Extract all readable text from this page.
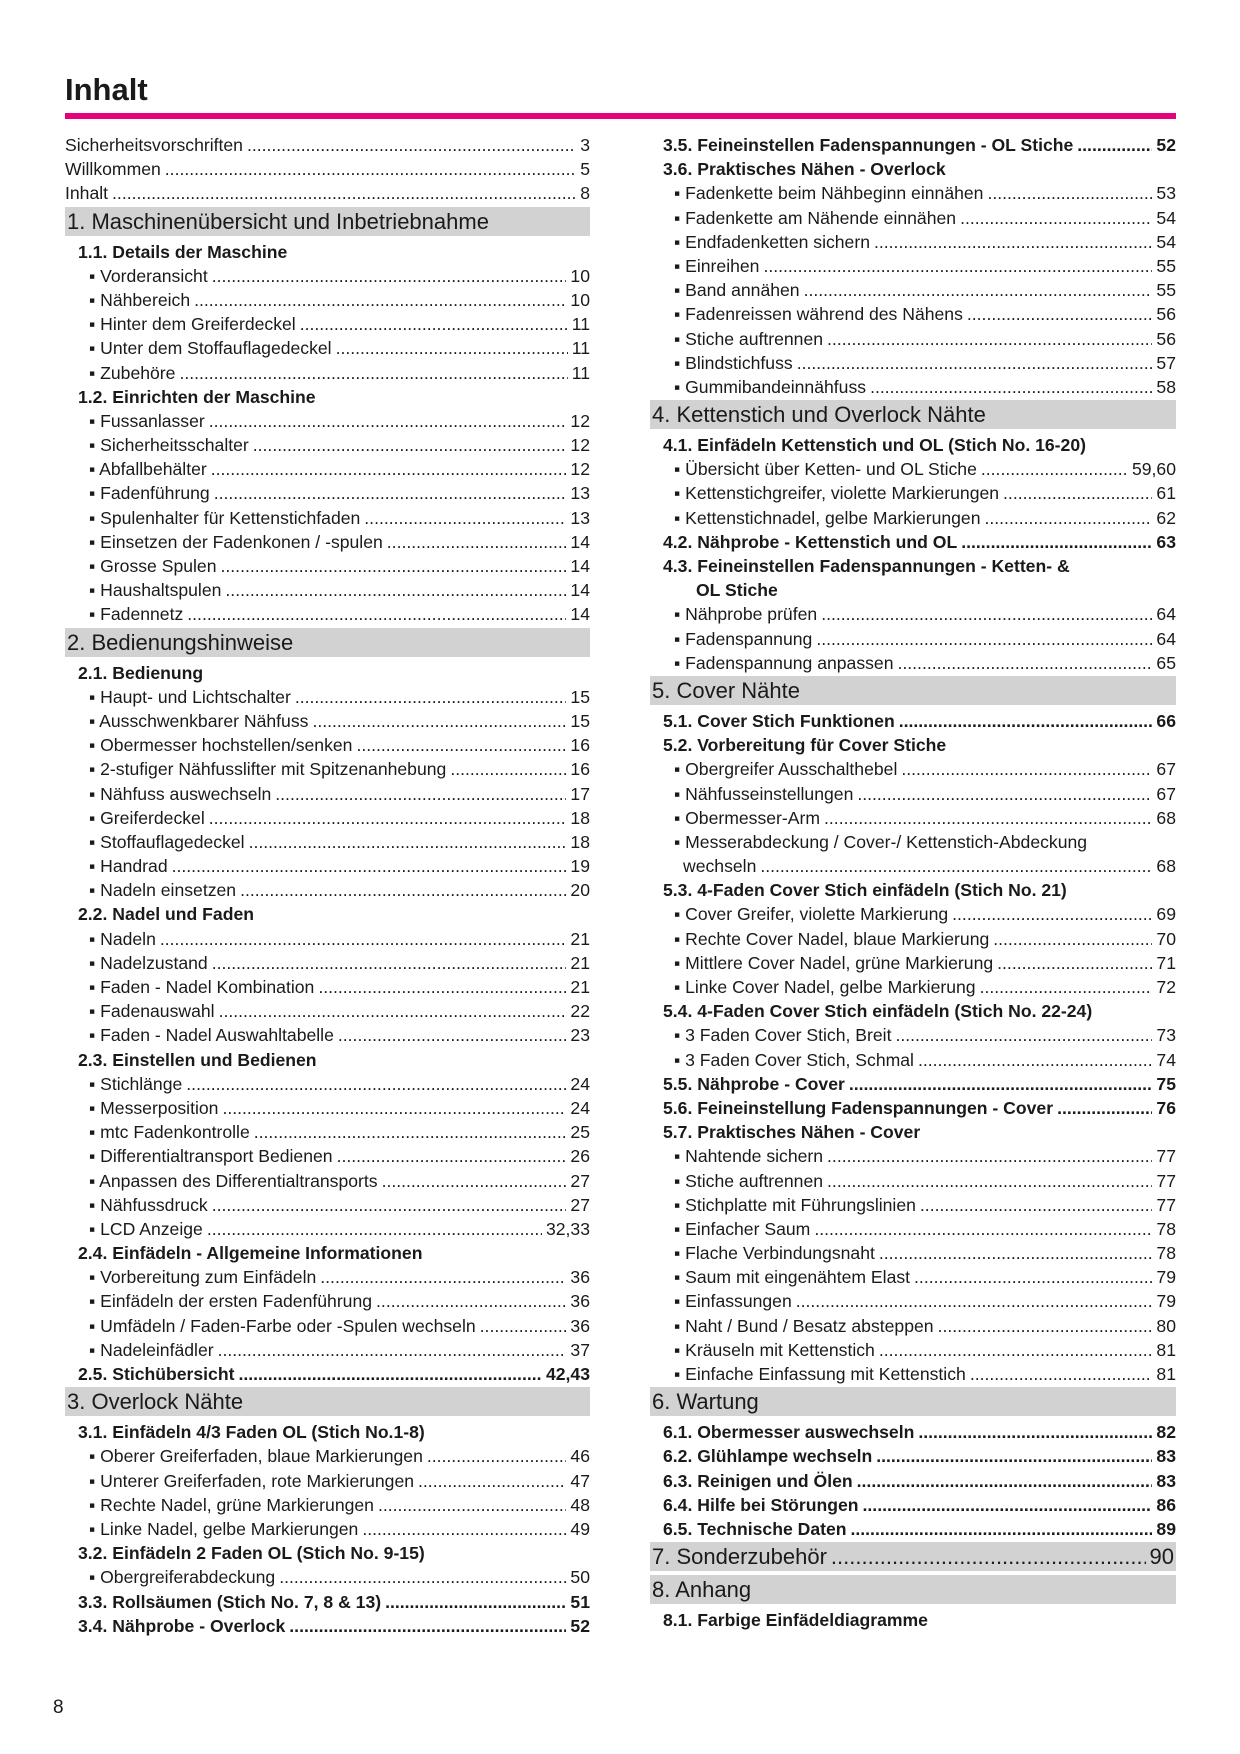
Inhalt
Sicherheitsvorschriften .....	3
Willkommen .....	5
Inhalt .....	8
1. Maschinenübersicht und Inbetriebnahme
1.1. Details der Maschine
▪ Vorderansicht .....	10
▪ Nähbereich .....	10
▪ Hinter dem Greiferdeckel .....	11
▪ Unter dem Stoffauflagedeckel .....	11
▪ Zubehöre .....	11
1.2. Einrichten der Maschine
▪ Fussanlasser .....	12
▪ Sicherheitsschalter .....	12
▪ Abfallbehälter .....	12
▪ Fadenführung .....	13
▪ Spulenhalter für Kettenstichfaden .....	13
▪ Einsetzen der Fadenkonen / -spulen .....	14
▪ Grosse Spulen .....	14
▪ Haushaltspulen .....	14
▪ Fadennetz .....	14
2. Bedienungshinweise
2.1. Bedienung
▪ Haupt- und Lichtschalter .....	15
▪ Ausschwenkbarer Nähfuss .....	15
▪ Obermesser hochstellen/senken .....	16
▪ 2-stufiger Nähfusslifter mit Spitzenanhebung .....	16
▪ Nähfuss auswechseln .....	17
▪ Greiferdeckel .....	18
▪ Stoffauflagedeckel .....	18
▪ Handrad .....	19
▪ Nadeln einsetzen .....	20
2.2. Nadel und Faden
▪ Nadeln .....	21
▪ Nadelzustand .....	21
▪ Faden - Nadel Kombination .....	21
▪ Fadenauswahl .....	22
▪ Faden - Nadel Auswahltabelle .....	23
2.3. Einstellen und Bedienen
▪ Stichlänge .....	24
▪ Messerposition .....	24
▪ mtc Fadenkontrolle .....	25
▪ Differentialtransport Bedienen .....	26
▪ Anpassen des Differentialtransports .....	27
▪ Nähfussdruck .....	27
▪ LCD Anzeige .....	32,33
2.4. Einfädeln - Allgemeine Informationen
▪ Vorbereitung zum Einfädeln .....	36
▪ Einfädeln der ersten Fadenführung .....	36
▪ Umfädeln / Faden-Farbe oder -Spulen wechseln .....	36
▪ Nadeleinfädler .....	37
2.5. Stichübersicht .....	42,43
3. Overlock Nähte
3.1. Einfädeln 4/3 Faden OL (Stich No.1-8)
▪ Oberer Greiferfaden, blaue Markierungen .....	46
▪ Unterer Greiferfaden, rote Markierungen .....	47
▪ Rechte Nadel, grüne Markierungen .....	48
▪ Linke Nadel, gelbe Markierungen .....	49
3.2. Einfädeln 2 Faden OL (Stich No. 9-15)
▪ Obergreiferabdeckung .....	50
3.3. Rollsäumen (Stich No. 7, 8 & 13) .....	51
3.4. Nähprobe - Overlock .....	52
3.5. Feineinstellen Fadenspannungen - OL Stiche .....	52
3.6. Praktisches Nähen - Overlock
▪ Fadenkette beim Nähbeginn einnähen .....	53
▪ Fadenkette am Nähende einnähen .....	54
▪ Endfadenketten sichern .....	54
▪ Einreihen .....	55
▪ Band annähen .....	55
▪ Fadenreissen während des Nähens .....	56
▪ Stiche auftrennen .....	56
▪ Blindstichfuss .....	57
▪ Gummibandeinnähfuss .....	58
4. Kettenstich und Overlock Nähte
4.1. Einfädeln Kettenstich und OL (Stich No. 16-20)
▪ Übersicht über Ketten- und OL Stiche .....	59,60
▪ Kettenstichgreifer, violette Markierungen .....	61
▪ Kettenstichnadel, gelbe Markierungen .....	62
4.2. Nähprobe - Kettenstich und OL .....	63
4.3. Feineinstellen Fadenspannungen - Ketten- &
OL Stiche
▪ Nähprobe prüfen .....	64
▪ Fadenspannung .....	64
▪ Fadenspannung anpassen .....	65
5. Cover Nähte
5.1. Cover Stich Funktionen .....	66
5.2. Vorbereitung für Cover Stiche
▪ Obergreifer Ausschalthebel .....	67
▪ Nähfusseinstellungen .....	67
▪ Obermesser-Arm .....	68
▪ Messerabdeckung / Cover-/ Kettenstich-Abdeckung
wechseln .....	68
5.3. 4-Faden Cover Stich einfädeln (Stich No. 21)
▪ Cover Greifer, violette Markierung .....	69
▪ Rechte Cover Nadel, blaue Markierung .....	70
▪ Mittlere Cover Nadel, grüne Markierung .....	71
▪ Linke Cover Nadel, gelbe Markierung .....	72
5.4. 4-Faden Cover Stich einfädeln (Stich No. 22-24)
▪ 3 Faden Cover Stich, Breit .....	73
▪ 3 Faden Cover Stich, Schmal .....	74
5.5. Nähprobe - Cover .....	75
5.6. Feineinstellung Fadenspannungen - Cover .....	76
5.7. Praktisches Nähen - Cover
▪ Nahtende sichern .....	77
▪ Stiche auftrennen .....	77
▪ Stichplatte mit Führungslinien .....	77
▪ Einfacher Saum .....	78
▪ Flache Verbindungsnaht .....	78
▪ Saum mit eingenähtem Elast .....	79
▪ Einfassungen .....	79
▪ Naht / Bund / Besatz absteppen .....	80
▪ Kräuseln mit Kettenstich .....	81
▪ Einfache Einfassung mit Kettenstich .....	81
6. Wartung
6.1. Obermesser auswechseln .....	82
6.2. Glühlampe wechseln .....	83
6.3. Reinigen und Ölen .....	83
6.4. Hilfe bei Störungen .....	86
6.5. Technische Daten .....	89
7. Sonderzubehör .....	90
8. Anhang
8.1. Farbige Einfädeldiagramme
8
